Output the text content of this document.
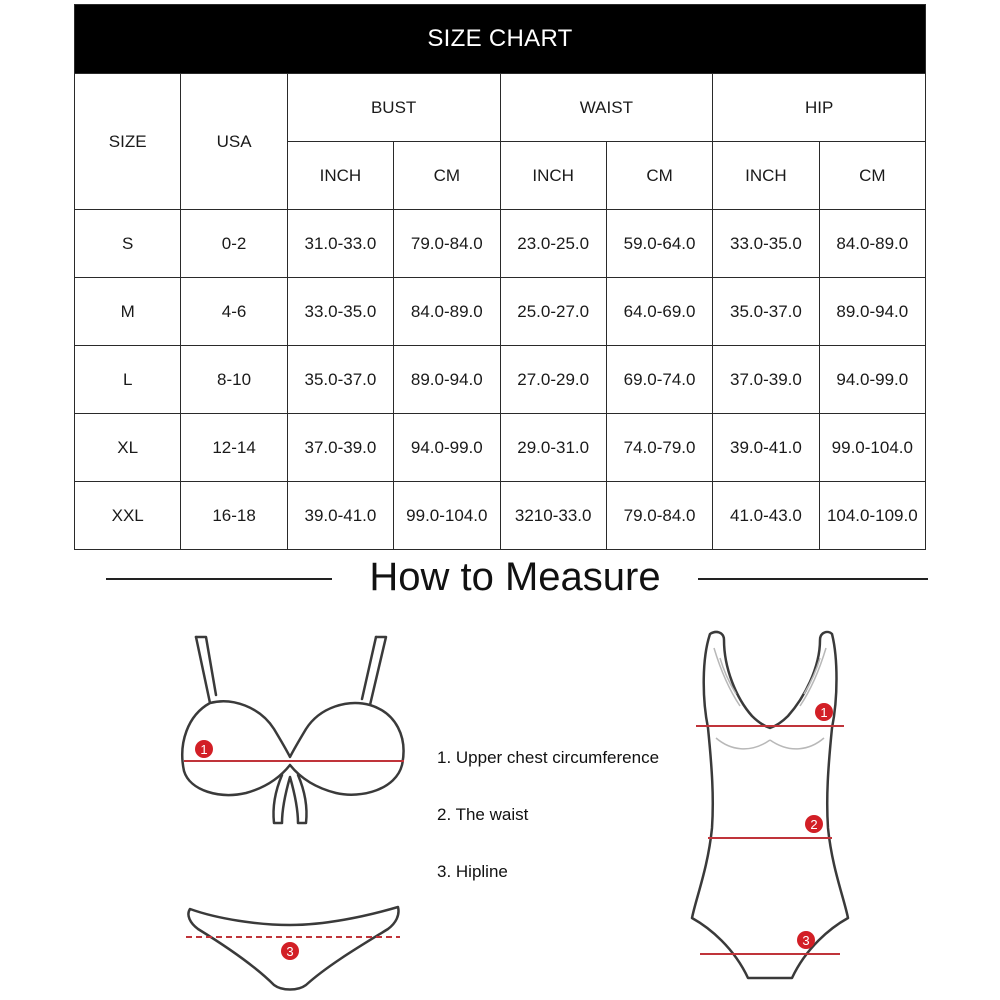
SIZE CHART							
SIZE	USA	BUST		WAIST		HIP	
		INCH	CM	INCH	CM	INCH	CM
S	0-2	31.0-33.0	79.0-84.0	23.0-25.0	59.0-64.0	33.0-35.0	84.0-89.0
M	4-6	33.0-35.0	84.0-89.0	25.0-27.0	64.0-69.0	35.0-37.0	89.0-94.0
L	8-10	35.0-37.0	89.0-94.0	27.0-29.0	69.0-74.0	37.0-39.0	94.0-99.0
XL	12-14	37.0-39.0	94.0-99.0	29.0-31.0	74.0-79.0	39.0-41.0	99.0-104.0
XXL	16-18	39.0-41.0	99.0-104.0	3210-33.0	79.0-84.0	41.0-43.0	104.0-109.0
How to Measure
1
3
1. Upper chest circumference
2. The waist
3. Hipline
1
2
3
